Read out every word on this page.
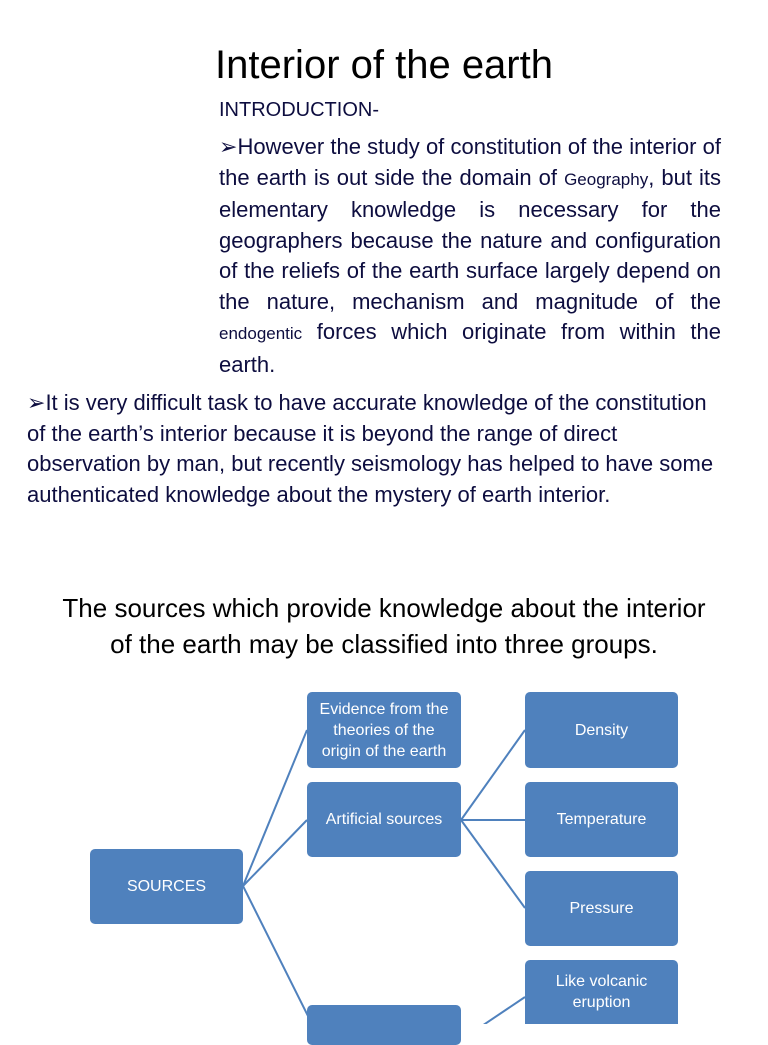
Interior of the earth
INTRODUCTION-
➢However the study of constitution of the interior of the earth is out side the domain of Geography, but its elementary knowledge is necessary for the geographers because the nature and configuration of the reliefs of the earth surface largely depend on the nature, mechanism and magnitude of the endogentic forces which originate from within the earth.
➢It is very difficult task to have accurate knowledge of the constitution of the earth’s interior because it is beyond the range of direct observation by man, but recently seismology has helped to have some authenticated knowledge about the mystery of earth interior.
The sources which provide knowledge about the interior of the earth may be classified into three groups.
SOURCES
Evidence from the theories of the origin of the earth
Artificial sources
Density
Temperature
Pressure
Like volcanic eruption
